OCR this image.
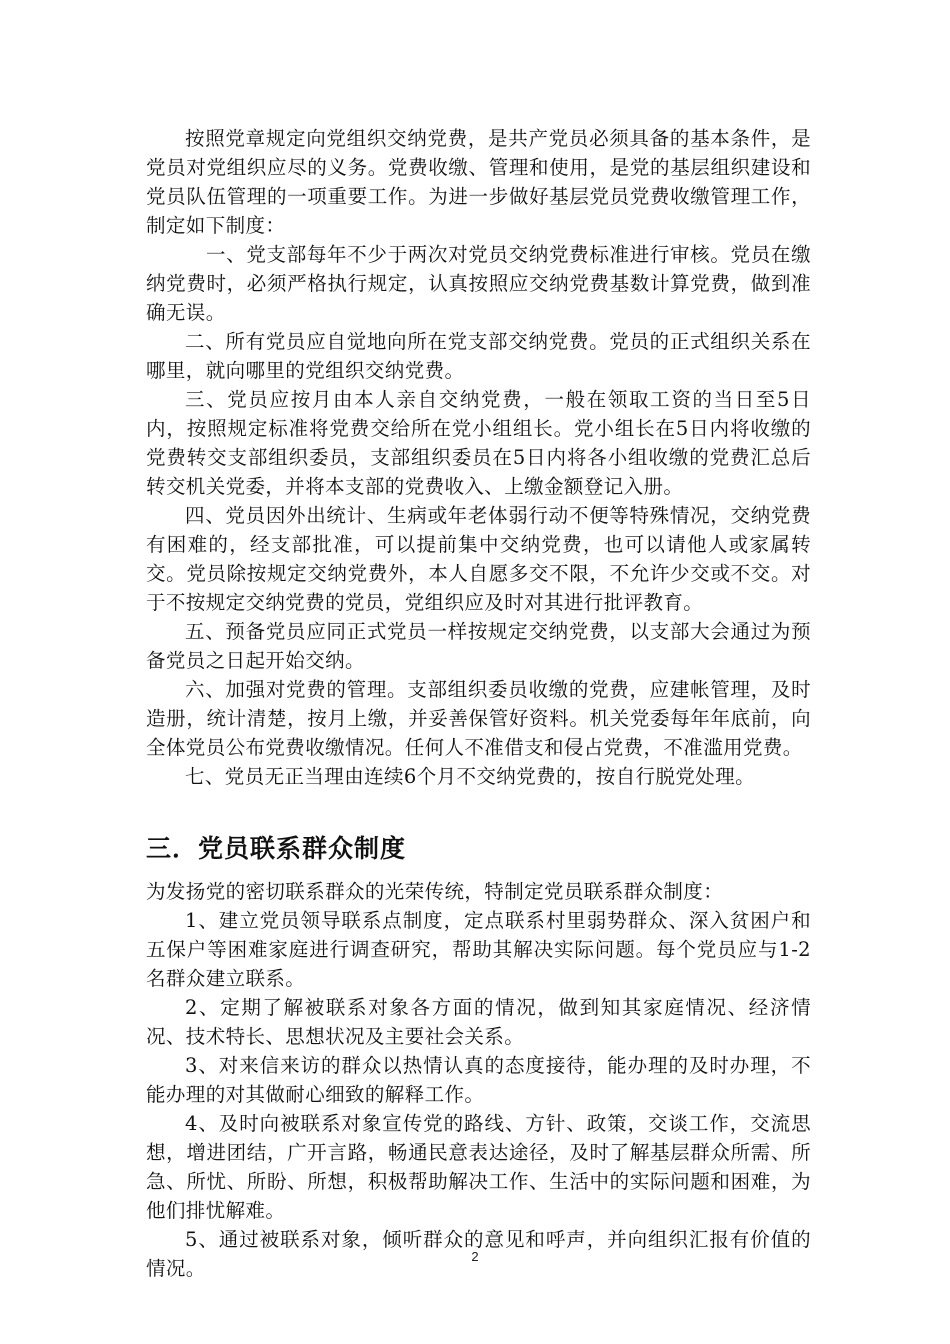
按照党章规定向党组织交纳党费，是共产党员必须具备的基本条件，是党员对党组织应尽的义务。党费收缴、管理和使用，是党的基层组织建设和党员队伍管理的一项重要工作。为进一步做好基层党员党费收缴管理工作，制定如下制度：

一、党支部每年不少于两次对党员交纳党费标准进行审核。党员在缴纳党费时，必须严格执行规定，认真按照应交纳党费基数计算党费，做到准确无误。

二、所有党员应自觉地向所在党支部交纳党费。党员的正式组织关系在哪里，就向哪里的党组织交纳党费。

三、党员应按月由本人亲自交纳党费，一般在领取工资的当日至5日内，按照规定标准将党费交给所在党小组组长。党小组长在5日内将收缴的党费转交支部组织委员，支部组织委员在5日内将各小组收缴的党费汇总后转交机关党委，并将本支部的党费收入、上缴金额登记入册。

四、党员因外出统计、生病或年老体弱行动不便等特殊情况，交纳党费有困难的，经支部批准，可以提前集中交纳党费，也可以请他人或家属转交。党员除按规定交纳党费外，本人自愿多交不限，不允许少交或不交。对于不按规定交纳党费的党员，党组织应及时对其进行批评教育。

五、预备党员应同正式党员一样按规定交纳党费，以支部大会通过为预备党员之日起开始交纳。

六、加强对党费的管理。支部组织委员收缴的党费，应建帐管理，及时造册，统计清楚，按月上缴，并妥善保管好资料。机关党委每年年底前，向全体党员公布党费收缴情况。任何人不准借支和侵占党费，不准滥用党费。

七、党员无正当理由连续6个月不交纳党费的，按自行脱党处理。

三．党员联系群众制度

为发扬党的密切联系群众的光荣传统，特制定党员联系群众制度：

1、建立党员领导联系点制度，定点联系村里弱势群众、深入贫困户和五保户等困难家庭进行调查研究，帮助其解决实际问题。每个党员应与1-2名群众建立联系。

2、定期了解被联系对象各方面的情况，做到知其家庭情况、经济情况、技术特长、思想状况及主要社会关系。

3、对来信来访的群众以热情认真的态度接待，能办理的及时办理，不能办理的对其做耐心细致的解释工作。

4、及时向被联系对象宣传党的路线、方针、政策，交谈工作，交流思想，增进团结，广开言路，畅通民意表达途径，及时了解基层群众所需、所急、所忧、所盼、所想，积极帮助解决工作、生活中的实际问题和困难，为他们排忧解难。

5、通过被联系对象，倾听群众的意见和呼声，并向组织汇报有价值的情况。

2
